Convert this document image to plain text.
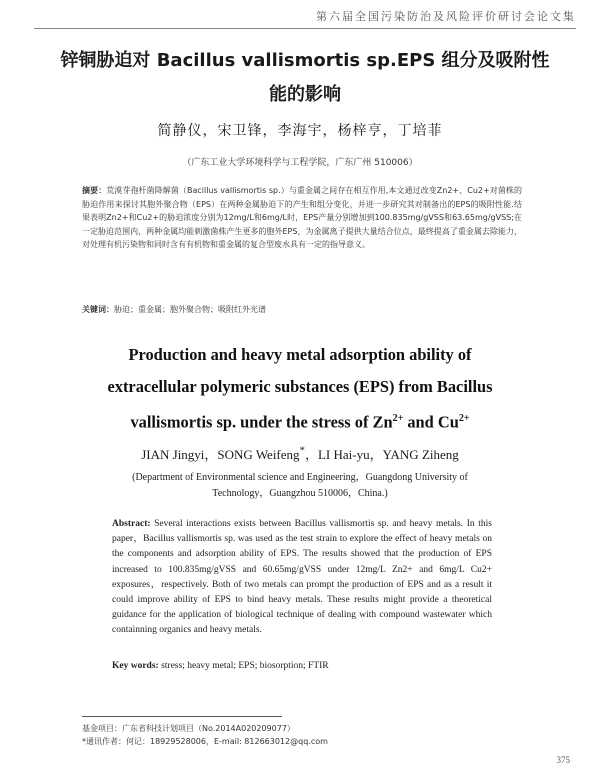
第六届全国污染防治及风险评价研讨会论文集
锌铜胁迫对 Bacillus vallismortis sp.EPS 组分及吸附性能的影响
简静仪，宋卫锋，李海宇，杨梓亨，丁培菲
（广东工业大学环境科学与工程学院，广东广州 510006）
摘要：荒漠芽孢杆菌降解菌（Bacillus vallismortis sp.）与重金属之间存在相互作用,本文通过改变Zn2+、Cu2+对菌株的胁迫作用来探讨其胞外聚合物（EPS）在两种金属胁迫下的产生和组分变化，并进一步研究其对制备出的EPS的吸附性能.结果表明Zn2+和Cu2+的胁迫浓度分别为12mg/L和6mg/L时，EPS产量分别增加到100.835mg/gVSS和63.65mg/gVSS;在一定胁迫范围内，两种金属均能刺激菌株产生更多的胞外EPS，为金属离子提供大量结合位点，最终提高了重金属去除能力，对处理有机污染物和同时含有有机物和重金属的复合型废水具有一定的指导意义。
关键词：胁迫；重金属；胞外聚合物；吸附红外光谱
Production and heavy metal adsorption ability of
extracellular polymeric substances (EPS) from Bacillus
vallismortis sp. under the stress of $Zn^{2+}$ and $Cu^{2+}$
JIAN Jingyi，SONG Weifeng*，LI Hai-yu，YANG Ziheng
(Department of Environmental science and Engineering，Guangdong University of
Technology，Guangzhou 510006，China.)
Abstract: Several interactions exists between Bacillus vallismortis sp. and heavy metals. In this paper，Bacillus vallismortis sp. was used as the test strain to explore the effect of heavy metals on the components and adsorption ability of EPS. The results showed that the production of EPS increased to 100.835mg/gVSS and 60.65mg/gVSS under 12mg/L Zn2+ and 6mg/L Cu2+ exposures，respectively. Both of two metals can prompt the production of EPS and as a result it could improve ability of EPS to bind heavy metals. These results might provide a theoretical guidance for the application of biological technique of dealing with compound wastewater which containning organics and heavy metals.
Key words: stress; heavy metal; EPS; biosorption; FTIR
基金项目：广东省科技计划项目（No.2014A020209077）
*通讯作者：何记：18929528006，E-mail: 812663012@qq.com
375
